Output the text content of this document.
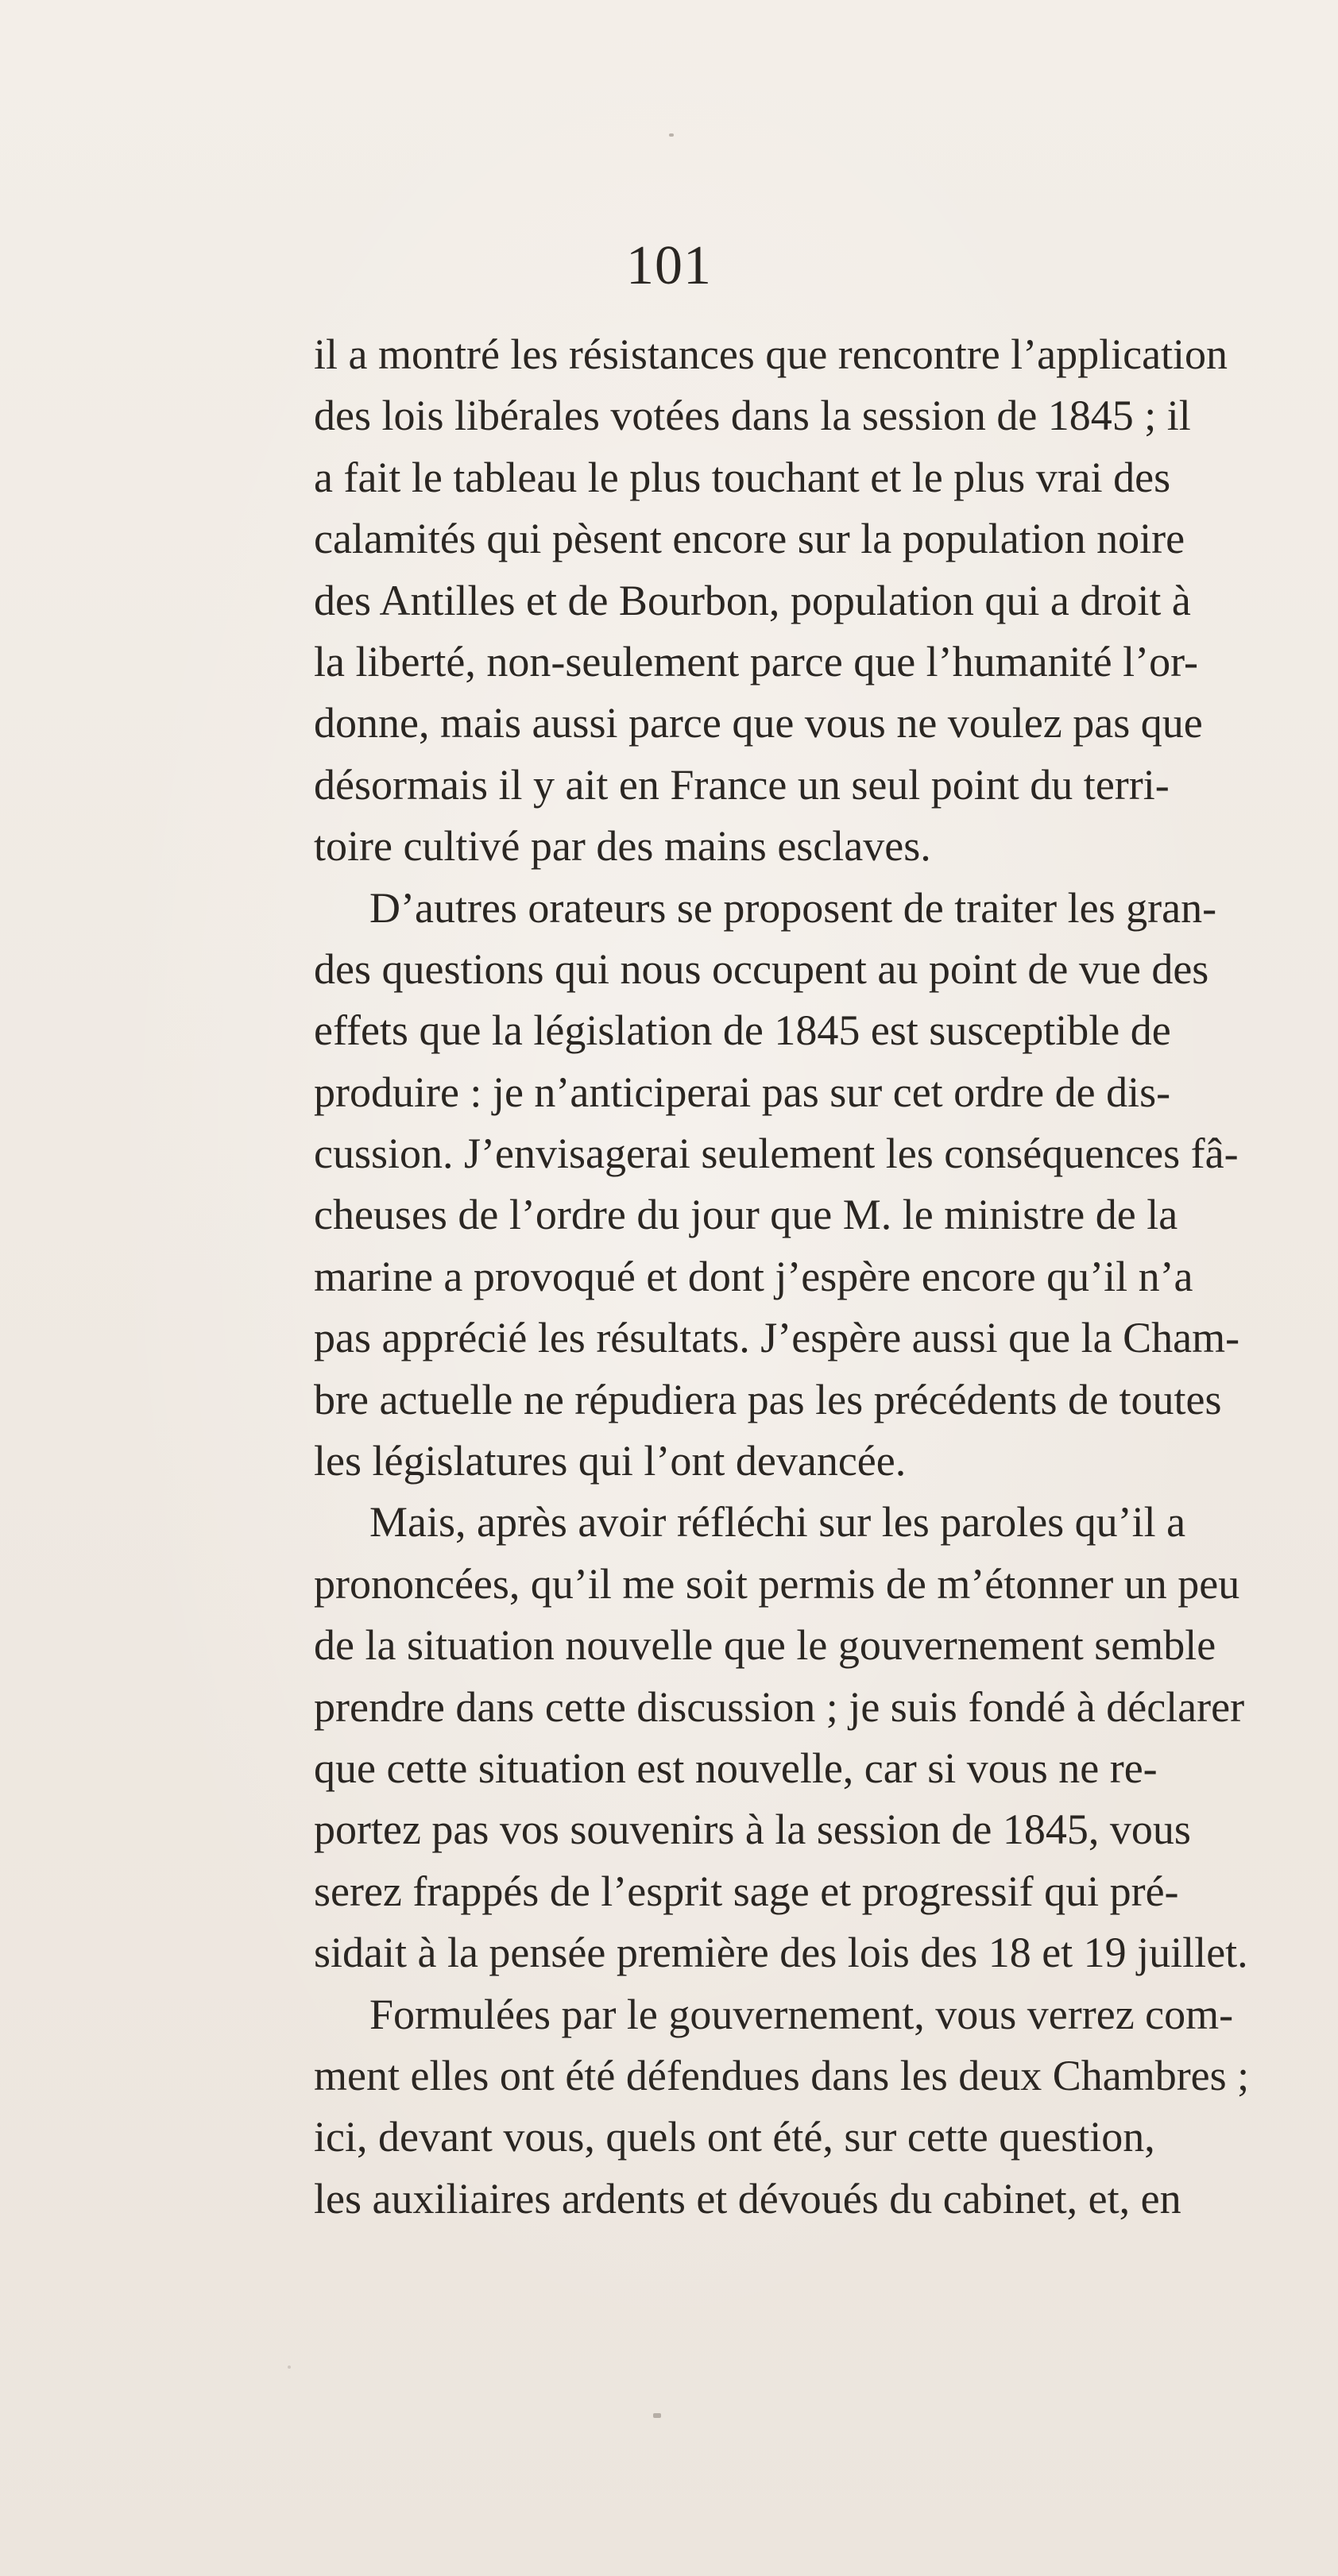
101
il a montré les résistances que rencontre l’application
des lois libérales votées dans la session de 1845 ; il
a fait le tableau le plus touchant et le plus vrai des
calamités qui pèsent encore sur la population noire
des Antilles et de Bourbon, population qui a droit à
la liberté, non-seulement parce que l’humanité l’or-
donne, mais aussi parce que vous ne voulez pas que
désormais il y ait en France un seul point du terri-
toire cultivé par des mains esclaves.
D’autres orateurs se proposent de traiter les gran-
des questions qui nous occupent au point de vue des
effets que la législation de 1845 est susceptible de
produire : je n’anticiperai pas sur cet ordre de dis-
cussion. J’envisagerai seulement les conséquences fâ-
cheuses de l’ordre du jour que M. le ministre de la
marine a provoqué et dont j’espère encore qu’il n’a
pas apprécié les résultats. J’espère aussi que la Cham-
bre actuelle ne répudiera pas les précédents de toutes
les législatures qui l’ont devancée.
Mais, après avoir réfléchi sur les paroles qu’il a
prononcées, qu’il me soit permis de m’étonner un peu
de la situation nouvelle que le gouvernement semble
prendre dans cette discussion ; je suis fondé à déclarer
que cette situation est nouvelle, car si vous ne re-
portez pas vos souvenirs à la session de 1845, vous
serez frappés de l’esprit sage et progressif qui pré-
sidait à la pensée première des lois des 18 et 19 juillet.
Formulées par le gouvernement, vous verrez com-
ment elles ont été défendues dans les deux Chambres ;
ici, devant vous, quels ont été, sur cette question,
les auxiliaires ardents et dévoués du cabinet, et, en
